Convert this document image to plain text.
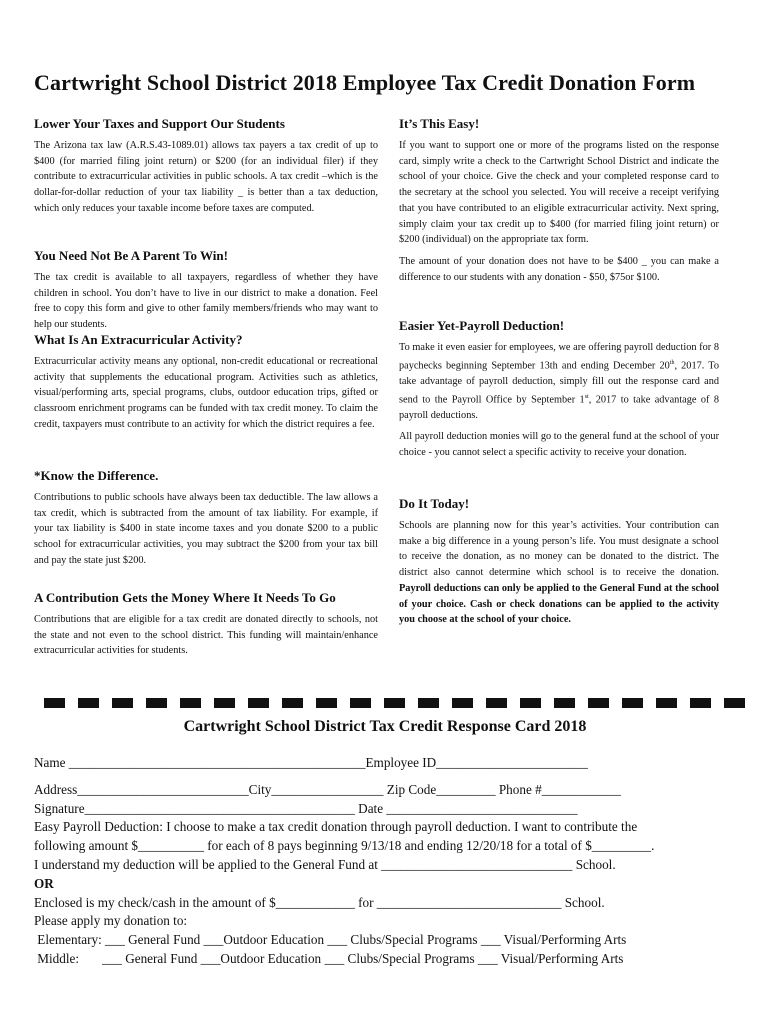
Cartwright School District 2018 Employee Tax Credit Donation Form
Lower Your Taxes and Support Our Students

The Arizona tax law (A.R.S.43-1089.01) allows tax payers a tax credit of up to $400 (for married filing joint return) or $200 (for an individual filer) if they contribute to extracurricular activities in public schools. A tax credit –which is the dollar-for-dollar reduction of your tax liability _ is better than a tax deduction, which only reduces your taxable income before taxes are computed.

You Need Not Be A Parent To Win!

The tax credit is available to all taxpayers, regardless of whether they have children in school. You don’t have to live in our district to make a donation. Feel free to copy this form and give to other family members/friends who may want to help our students.

What Is An Extracurricular Activity?

Extracurricular activity means any optional, non-credit educational or recreational activity that supplements the educational program. Activities such as athletics, visual/performing arts, special programs, clubs, outdoor education trips, gifted or classroom enrichment programs can be funded with tax credit money. To claim the credit, taxpayers must contribute to an activity for which the district requires a fee.

*Know the Difference.

Contributions to public schools have always been tax deductible. The law allows a tax credit, which is subtracted from the amount of tax liability. For example, if your tax liability is $400 in state income taxes and you donate $200 to a public school for extracurricular activities, you may subtract the $200 from your tax bill and pay the state just $200.

A Contribution Gets the Money Where It Needs To Go

Contributions that are eligible for a tax credit are donated directly to schools, not the state and not even to the school district. This funding will maintain/enhance extracurricular activities for students.

It’s This Easy!

If you want to support one or more of the programs listed on the response card, simply write a check to the Cartwright School District and indicate the school of your choice. Give the check and your completed response card to the secretary at the school you selected. You will receive a receipt verifying that you have contributed to an eligible extracurricular activity. Next spring, simply claim your tax credit up to $400 (for married filing joint return) or $200 (individual) on the appropriate tax form.

The amount of your donation does not have to be $400 _ you can make a difference to our students with any donation - $50, $75or $100.

Easier Yet-Payroll Deduction!

To make it even easier for employees, we are offering payroll deduction for 8 paychecks beginning September 13th and ending December 20th, 2017. To take advantage of payroll deduction, simply fill out the response card and send to the Payroll Office by September 1st, 2017 to take advantage of 8 payroll deductions.

All payroll deduction monies will go to the general fund at the school of your choice - you cannot select a specific activity to receive your donation.

Do It Today!

Schools are planning now for this year’s activities. Your contribution can make a big difference in a young person’s life. You must designate a school to receive the donation, as no money can be donated to the district. The district also cannot determine which school is to receive the donation. Payroll deductions can only be applied to the General Fund at the school of your choice. Cash or check donations can be applied to the activity you choose at the school of your choice.

Cartwright School District Tax Credit Response Card 2018
Name _____________________________________________Employee ID_______________________
Address__________________________City_________________ Zip Code_________ Phone #____________
Signature_________________________________________ Date _____________________________
Easy Payroll Deduction: I choose to make a tax credit donation through payroll deduction. I want to contribute the
following amount $__________ for each of 8 pays beginning 9/13/18 and ending 12/20/18 for a total of $_________.
I understand my deduction will be applied to the General Fund at _____________________________ School.
OR
Enclosed is my check/cash in the amount of $____________ for ____________________________ School.
Please apply my donation to:
Elementary: ___ General Fund ___Outdoor Education ___ Clubs/Special Programs ___ Visual/Performing Arts
Middle:       ___ General Fund ___Outdoor Education ___ Clubs/Special Programs ___ Visual/Performing Arts
